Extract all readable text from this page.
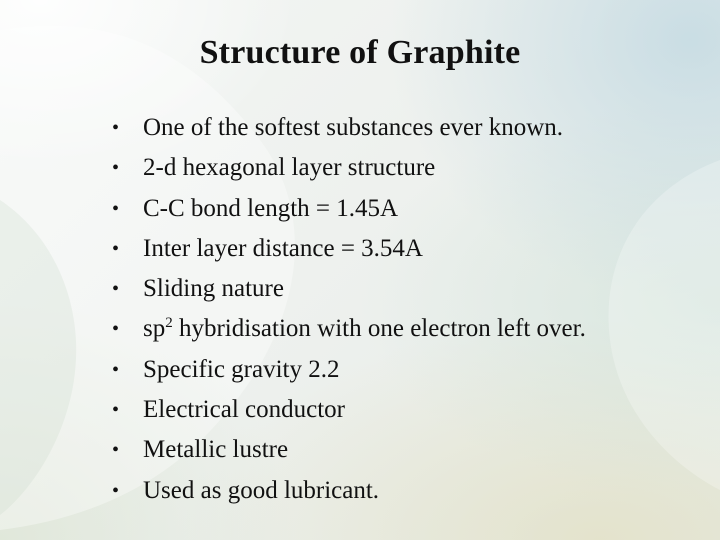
Structure of Graphite
• One of the softest substances ever known.
• 2-d hexagonal layer structure
• C-C bond length = 1.45A
• Inter layer distance = 3.54A
• Sliding nature
• $sp^2$ hybridisation with one electron left over.
• Specific gravity 2.2
• Electrical conductor
• Metallic lustre
• Used as good lubricant.
